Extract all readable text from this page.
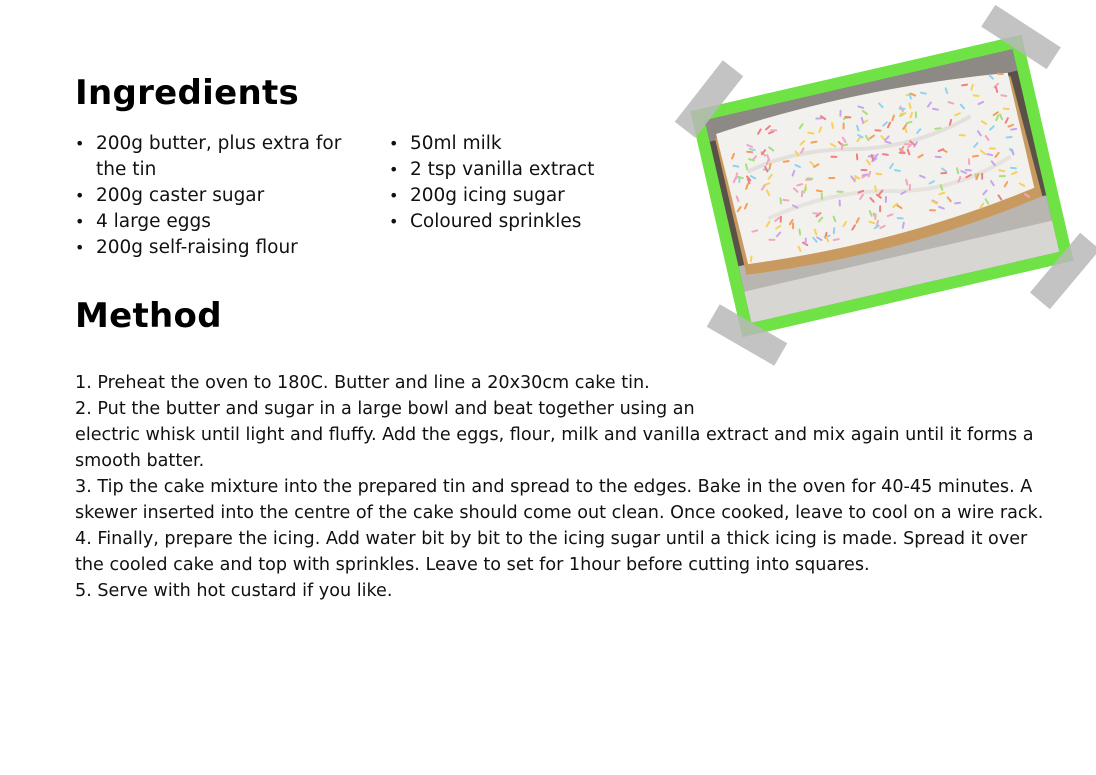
Ingredients
• 200g butter, plus extra for the tin
• 200g caster sugar
• 4 large eggs
• 200g self-raising flour
• 50ml milk
• 2 tsp vanilla extract
• 200g icing sugar
• Coloured sprinkles
Method

1. Preheat the oven to 180C. Butter and line a 20x30cm cake tin.

2. Put the butter and sugar in a large bowl and beat together using an

electric whisk until light and fluffy. Add the eggs, flour, milk and vanilla extract and mix again until it forms a smooth batter.

3. Tip the cake mixture into the prepared tin and spread to the edges. Bake in the oven for 40-45 minutes. A skewer inserted into the centre of the cake should come out clean. Once cooked, leave to cool on a wire rack.

4. Finally, prepare the icing. Add water bit by bit to the icing sugar until a thick icing is made. Spread it over the cooled cake and top with sprinkles. Leave to set for 1hour before cutting into squares.

5. Serve with hot custard if you like.
